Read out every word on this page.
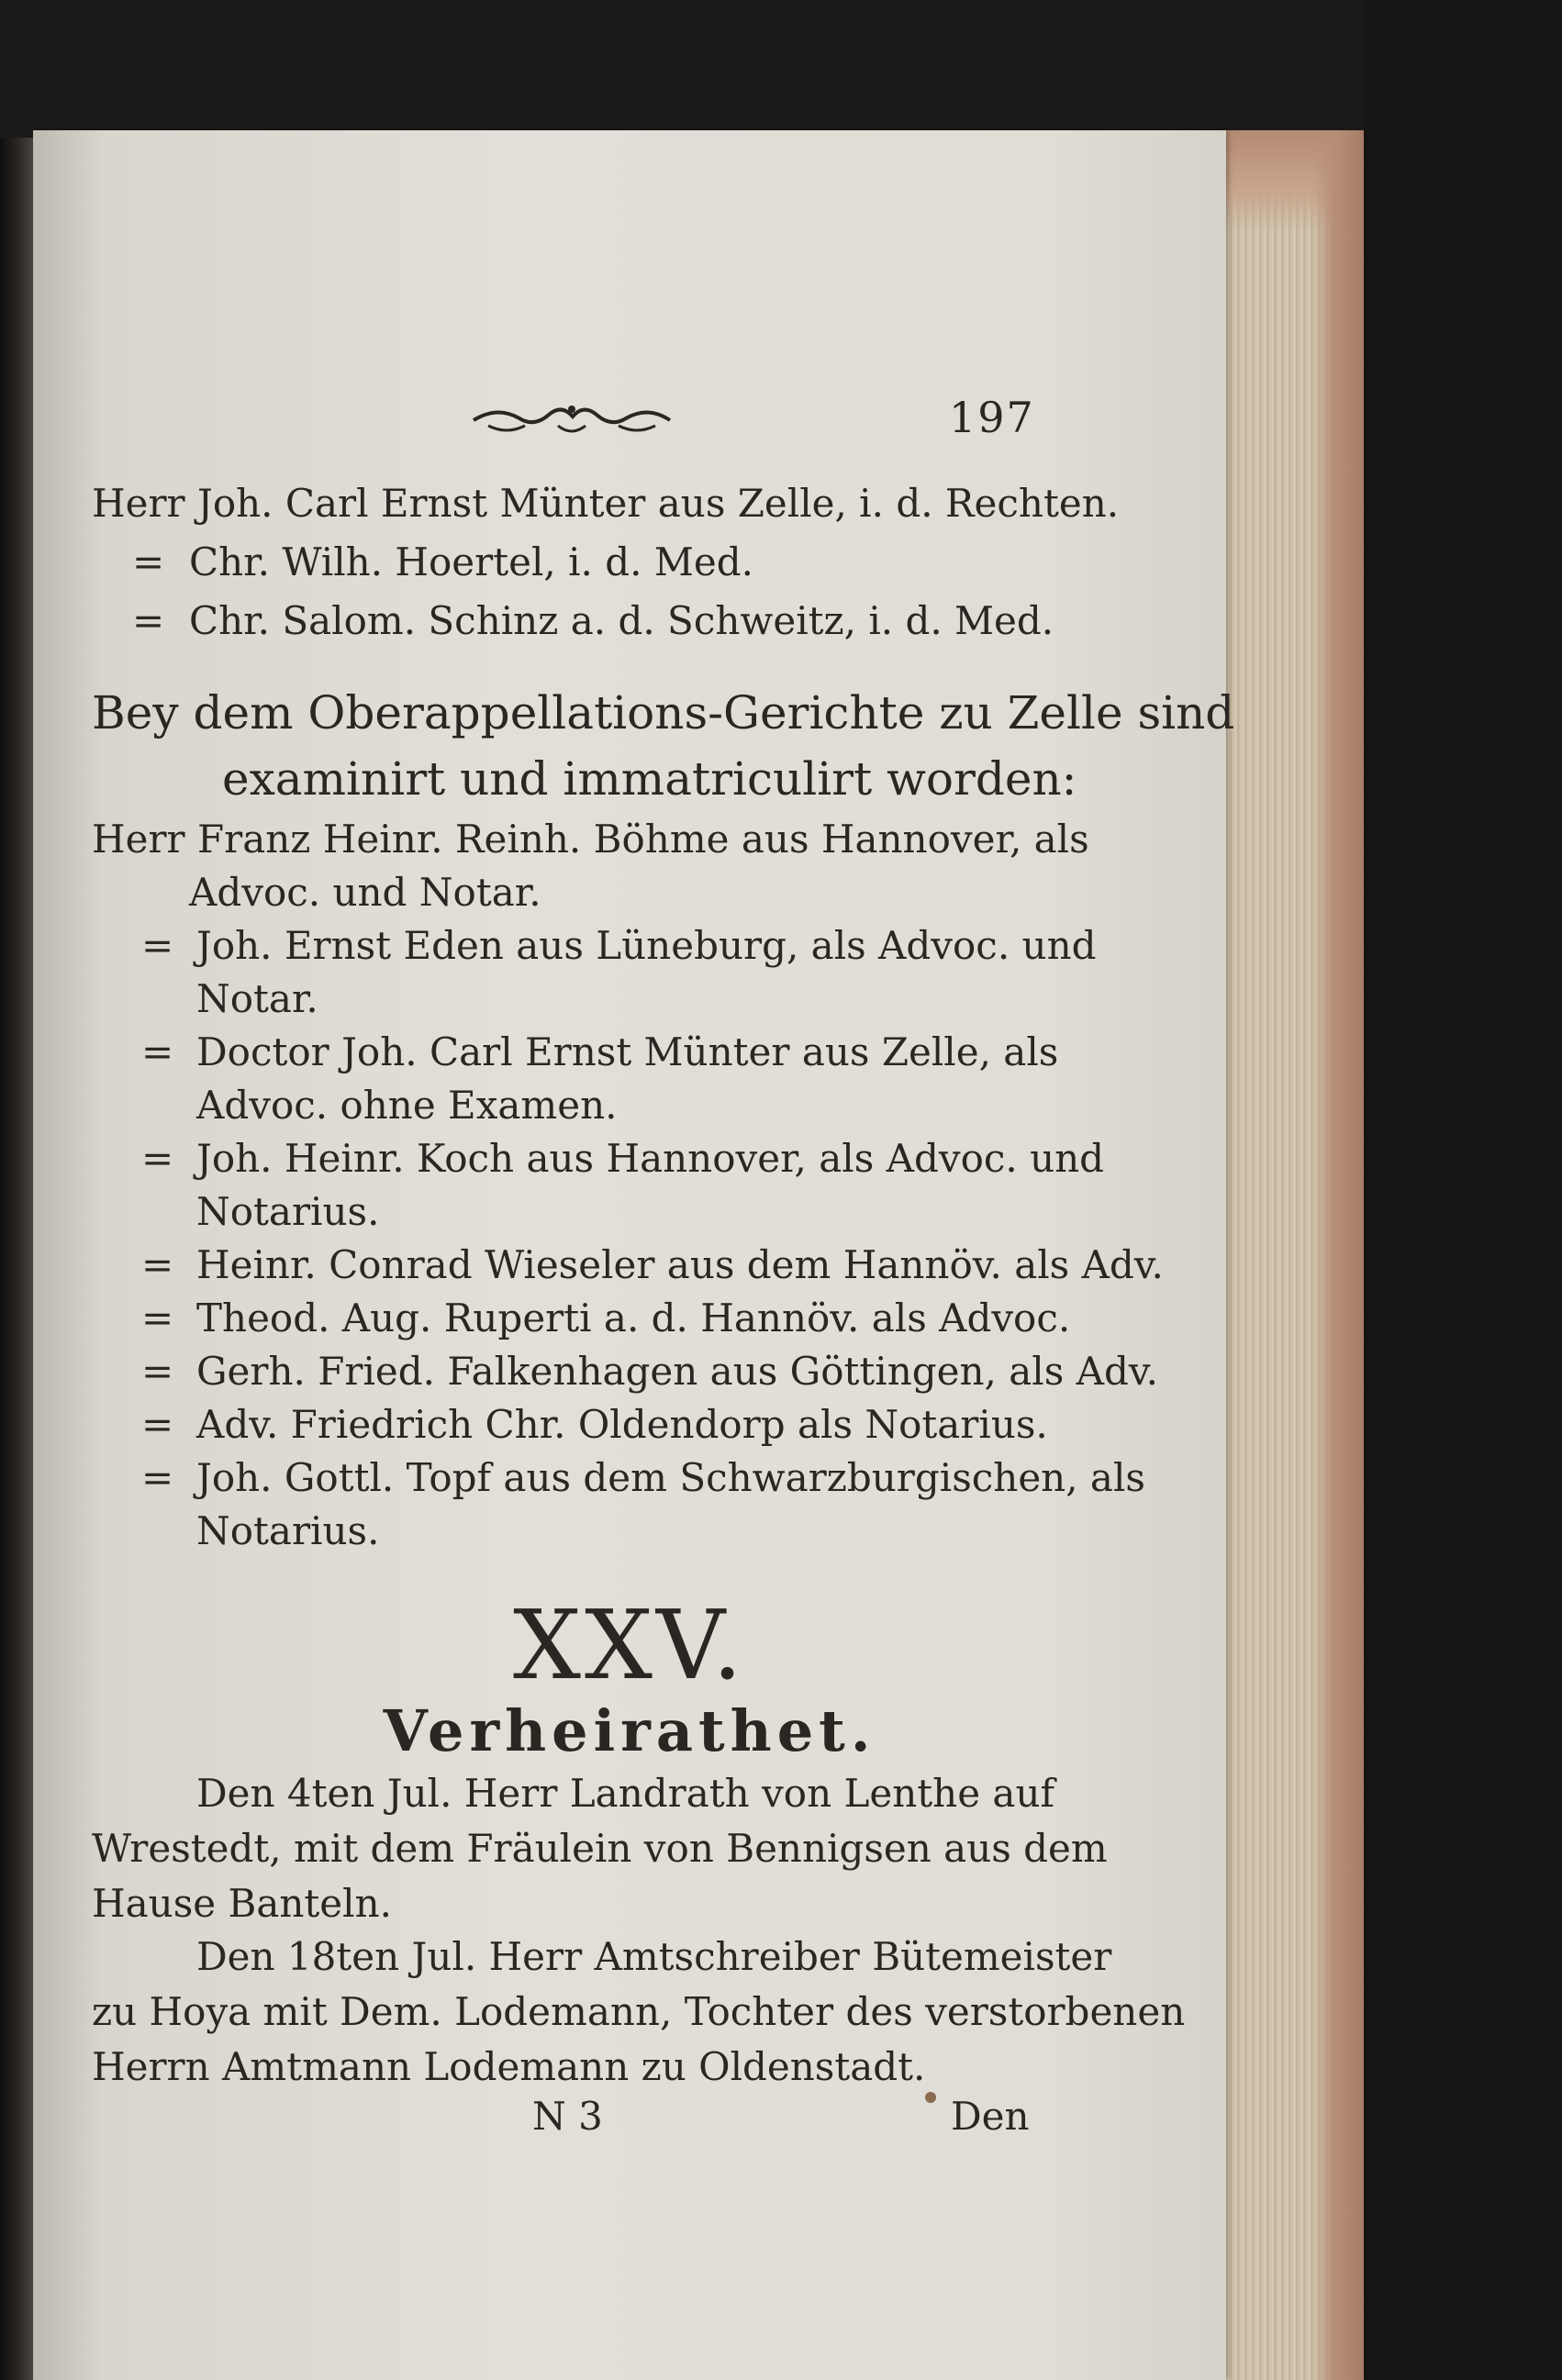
197
Herr Joh. Carl Ernst Münter aus Zelle, i. d. Rechten.
= Chr. Wilh. Hoertel, i. d. Med.
= Chr. Salom. Schinz a. d. Schweitz, i. d. Med.
Bey dem Oberappellations-Gerichte zu Zelle sind
examinirt und immatriculirt worden:
Herr Franz Heinr. Reinh. Böhme aus Hannover, als
Advoc. und Notar.
= Joh. Ernst Eden aus Lüneburg, als Advoc. und
Notar.
= Doctor Joh. Carl Ernst Münter aus Zelle, als
Advoc. ohne Examen.
= Joh. Heinr. Koch aus Hannover, als Advoc. und
Notarius.
= Heinr. Conrad Wieseler aus dem Hannöv. als Adv.
= Theod. Aug. Ruperti a. d. Hannöv. als Advoc.
= Gerh. Fried. Falkenhagen aus Göttingen, als Adv.
= Adv. Friedrich Chr. Oldendorp als Notarius.
= Joh. Gottl. Topf aus dem Schwarzburgischen, als
Notarius.
XXV.
Verheirathet.
Den 4ten Jul. Herr Landrath von Lenthe auf
Wrestedt, mit dem Fräulein von Bennigsen aus dem
Hause Banteln.
Den 18ten Jul. Herr Amtschreiber Bütemeister
zu Hoya mit Dem. Lodemann, Tochter des verstorbenen
Herrn Amtmann Lodemann zu Oldenstadt.
N 3	Den
